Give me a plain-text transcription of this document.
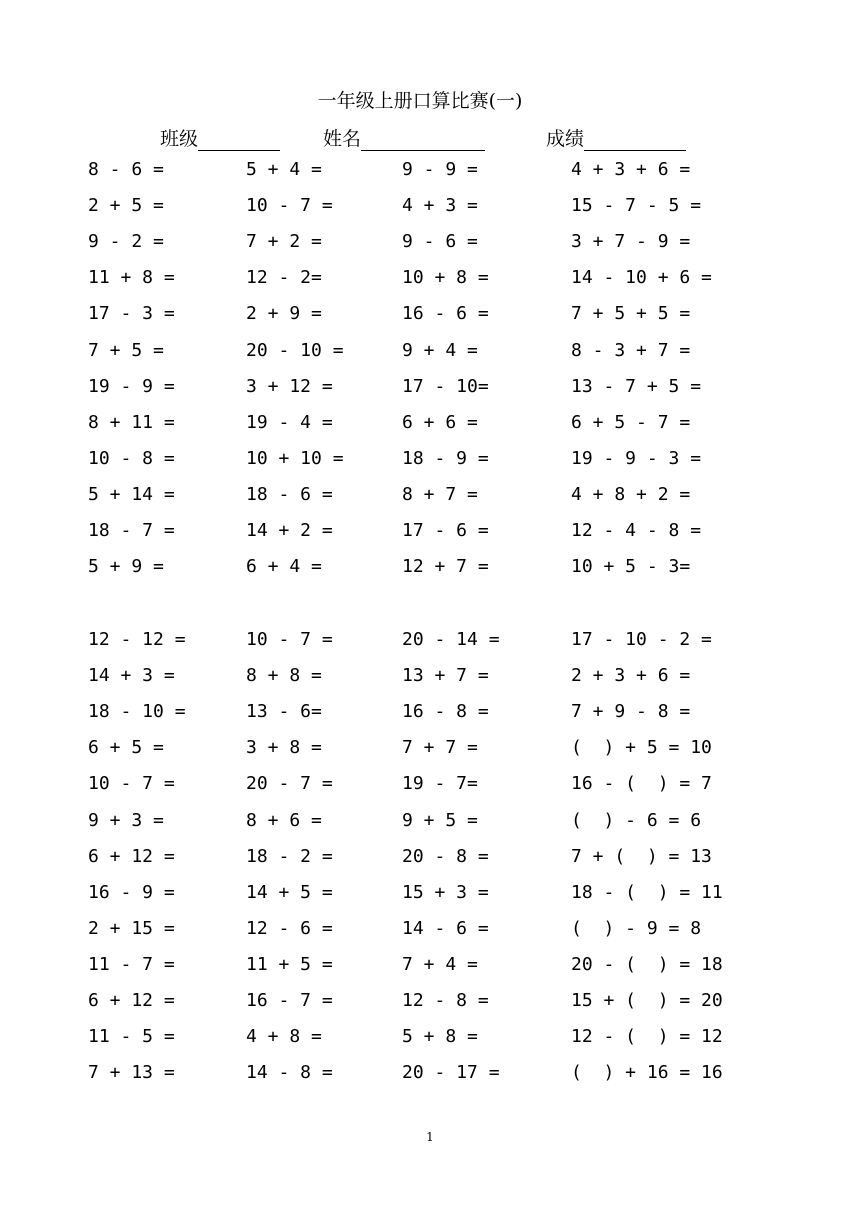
一年级上册口算比赛(一)
班级	姓名	成绩
8 - 6 =	5 + 4 =	9 - 9 =	4 + 3 + 6 =
2 + 5 =	10 - 7 =	4 + 3 =	15 - 7 - 5 =
9 - 2 =	7 + 2 =	9 - 6 =	3 + 7 - 9 =
11 + 8 =	12 - 2=	10 + 8 =	14 - 10 + 6 =
17 - 3 =	2 + 9 =	16 - 6 =	7 + 5 + 5 =
7 + 5 =	20 - 10 =	9 + 4 =	8 - 3 + 7 =
19 - 9 =	3 + 12 =	17 - 10=	13 - 7 + 5 =
8 + 11 =	19 - 4 =	6 + 6 =	6 + 5 - 7 =
10 - 8 =	10 + 10 =	18 - 9 =	19 - 9 - 3 =
5 + 14 =	18 - 6 =	8 + 7 =	4 + 8 + 2 =
18 - 7 =	14 + 2 =	17 - 6 =	12 - 4 - 8 =
5 + 9 =	6 + 4 =	12 + 7 =	10 + 5 - 3=
12 - 12 =	10 - 7 =	20 - 14 =	17 - 10 - 2 =
14 + 3 =	8 + 8 =	13 + 7 =	2 + 3 + 6 =
18 - 10 =	13 - 6=	16 - 8 =	7 + 9 - 8 =
6 + 5 =	3 + 8 =	7 + 7 =	(  ) + 5 = 10
10 - 7 =	20 - 7 =	19 - 7=	16 - (  ) = 7
9 + 3 =	8 + 6 =	9 + 5 =	(  ) - 6 = 6
6 + 12 =	18 - 2 =	20 - 8 =	7 + (  ) = 13
16 - 9 =	14 + 5 =	15 + 3 =	18 - (  ) = 11
2 + 15 =	12 - 6 =	14 - 6 =	(  ) - 9 = 8
11 - 7 =	11 + 5 =	7 + 4 =	20 - (  ) = 18
6 + 12 =	16 - 7 =	12 - 8 =	15 + (  ) = 20
11 - 5 =	4 + 8 =	5 + 8 =	12 - (  ) = 12
7 + 13 =	14 - 8 =	20 - 17 =	(  ) + 16 = 16
1
